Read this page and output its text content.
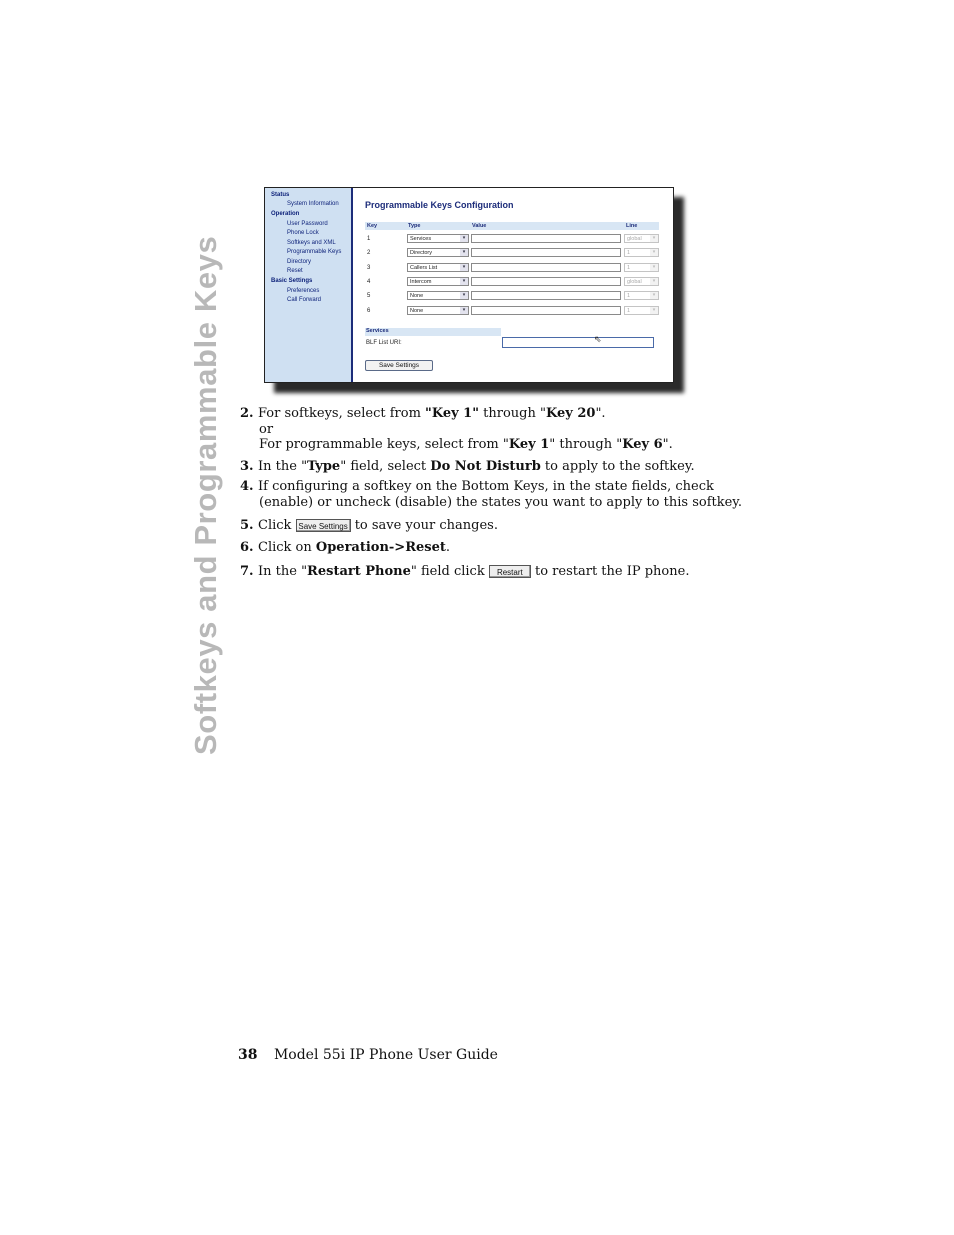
Softkeys and Programmable Keys
Status
System Information
Operation
User Password
Phone Lock
Softkeys and XML
Programmable Keys
Directory
Reset
Basic Settings
Preferences
Call Forward
Programmable Keys Configuration
Key	Type	Value	Line
1	Services	▾	global	▾
2	Directory	▾	1	▾
3	Callers List	▾	1	▾
4	Intercom	▾	global	▾
5	None	▾	1	▾
6	None	▾	1	▾
Services
BLF List URI:	⇖
Save Settings
2. For softkeys, select from "Key 1" through "Key 20".
or
For programmable keys, select from "Key 1" through "Key 6".
3. In the "Type" field, select Do Not Disturb to apply to the softkey.
4. If configuring a softkey on the Bottom Keys, in the state fields, check
(enable) or uncheck (disable) the states you want to apply to this softkey.
5. Click Save Settings to save your changes.
6. Click on Operation->Reset.
7. In the "Restart Phone" field click Restart to restart the IP phone.
38 Model 55i IP Phone User Guide
